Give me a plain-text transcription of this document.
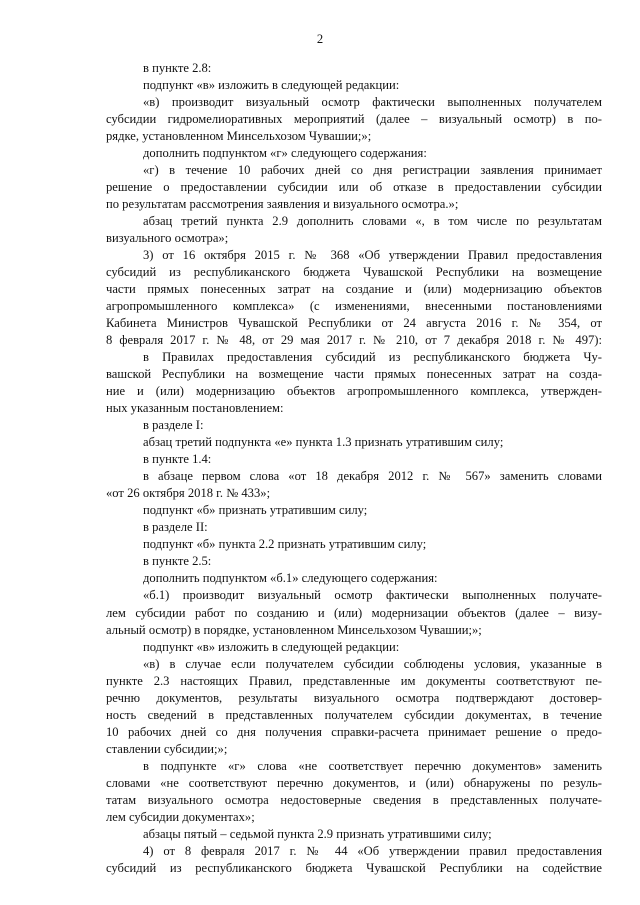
2
в пункте 2.8:
подпункт «в» изложить в следующей редакции:
«в) производит визуальный осмотр фактически выполненных получателем
субсидии гидромелиоративных мероприятий (далее – визуальный осмотр) в по-
рядке, установленном Минсельхозом Чувашии;»;
дополнить подпунктом «г» следующего содержания:
«г) в течение 10 рабочих дней со дня регистрации заявления принимает
решение о предоставлении субсидии или об отказе в предоставлении субсидии
по результатам рассмотрения заявления и визуального осмотра.»;
абзац третий пункта 2.9 дополнить словами «, в том числе по результатам
визуального осмотра»;
3) от 16 октября 2015 г. № 368 «Об утверждении Правил предоставления
субсидий из республиканского бюджета Чувашской Республики на возмещение
части прямых понесенных затрат на создание и (или) модернизацию объектов
агропромышленного комплекса» (с изменениями, внесенными постановлениями
Кабинета Министров Чувашской Республики от 24 августа 2016 г. № 354, от
8 февраля 2017 г. № 48, от 29 мая 2017 г. № 210, от 7 декабря 2018 г. № 497):
в Правилах предоставления субсидий из республиканского бюджета Чу-
вашской Республики на возмещение части прямых понесенных затрат на созда-
ние и (или) модернизацию объектов агропромышленного комплекса, утвержден-
ных указанным постановлением:
в разделе I:
абзац третий подпункта «е» пункта 1.3 признать утратившим силу;
в пункте 1.4:
в абзаце первом слова «от 18 декабря 2012 г. № 567» заменить словами
«от 26 октября 2018 г. № 433»;
подпункт «б» признать утратившим силу;
в разделе II:
подпункт «б» пункта 2.2 признать утратившим силу;
в пункте 2.5:
дополнить подпунктом «б.1» следующего содержания:
«б.1) производит визуальный осмотр фактически выполненных получате-
лем субсидии работ по созданию и (или) модернизации объектов (далее – визу-
альный осмотр) в порядке, установленном Минсельхозом Чувашии;»;
подпункт «в» изложить в следующей редакции:
«в) в случае если получателем субсидии соблюдены условия, указанные в
пункте 2.3 настоящих Правил, представленные им документы соответствуют пе-
речню документов, результаты визуального осмотра подтверждают достовер-
ность сведений в представленных получателем субсидии документах, в течение
10 рабочих дней со дня получения справки-расчета принимает решение о предо-
ставлении субсидии;»;
в подпункте «г» слова «не соответствует перечню документов» заменить
словами «не соответствуют перечню документов, и (или) обнаружены по резуль-
татам визуального осмотра недостоверные сведения в представленных получате-
лем субсидии документах»;
абзацы пятый – седьмой пункта 2.9 признать утратившими силу;
4) от 8 февраля 2017 г. № 44 «Об утверждении правил предоставления
субсидий из республиканского бюджета Чувашской Республики на содействие
